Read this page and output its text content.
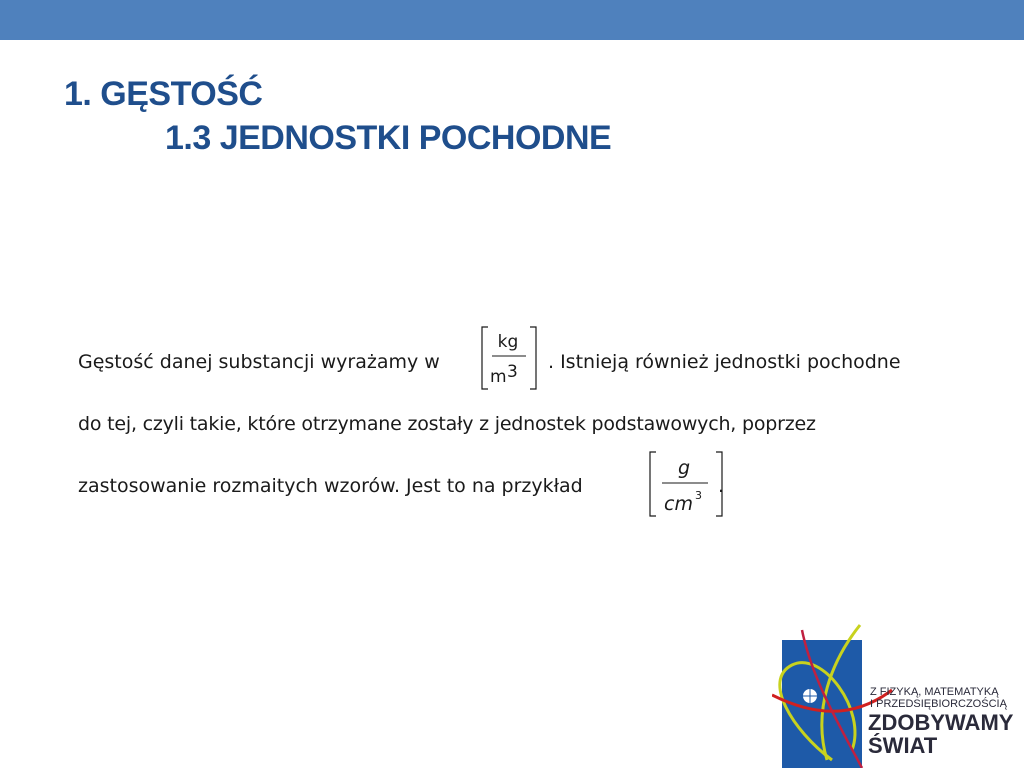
1. GĘSTOŚĆ
1.3 JEDNOSTKI POCHODNE
Gęstość danej substancji wyrażamy w
kg
m 3 . Istnieją również jednostki pochodne
do tej, czyli takie, które otrzymane zostały z jednostek podstawowych, poprzez
zastosowanie rozmaitych wzorów. Jest to na przykład
g
cm 3 .
Z FIZYKĄ, MATEMATYKĄ
I PRZEDSIĘBIORCZOŚCIĄ
ZDOBYWAMY
ŚWIAT
